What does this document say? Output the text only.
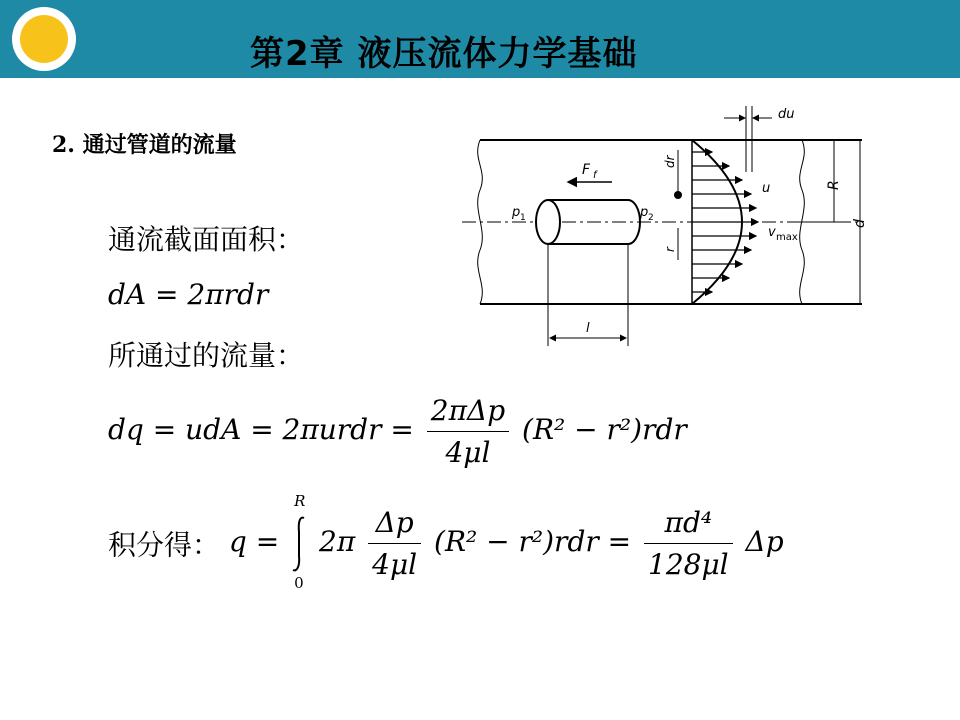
第2章 液压流体力学基础
2. 通过管道的流量
通流截面面积：
dA = 2πrdr
所通过的流量：
dq = udA = 2πurdr = $\frac{\text{2πΔp}}{4\mu l} (R^2 - r^2)rdr$
积分得： q =
R
0
$2\pi \frac{\Delta p}{4\mu l} (R^2 - r^2)rdr = \frac{\text{πd⁴}}{128\mu l}$ Δp
F f
p 1	p 2
dr
r
du
u
v max
R
d
l
